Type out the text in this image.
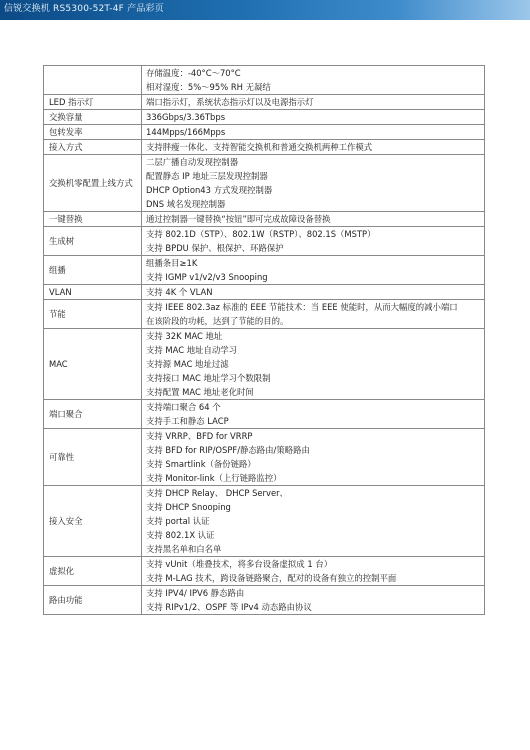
信锐交换机 RS5300-52T-4F 产品彩页

	存储温度：-40°C～70°C
相对湿度：5%～95% RH 无凝结

LED 指示灯	端口指示灯，系统状态指示灯以及电源指示灯

交换容量	336Gbps/3.36Tbps

包转发率	144Mpps/166Mpps

接入方式	支持胖瘦一体化、支持智能交换机和普通交换机两种工作模式

交换机零配置上线方式	二层广播自动发现控制器
配置静态 IP 地址三层发现控制器
DHCP Option43 方式发现控制器
DNS 域名发现控制器

一键替换	通过控制器一键替换“按钮”即可完成故障设备替换

生成树	支持 802.1D（STP）、802.1W（RSTP）、802.1S（MSTP）
支持 BPDU 保护、根保护、环路保护

组播	组播条目≥1K
支持 IGMP v1/v2/v3 Snooping

VLAN	支持 4K 个 VLAN

节能	支持 IEEE 802.3az 标准的 EEE 节能技术：当 EEE 使能时，从而大幅度的减小端口
在该阶段的功耗，达到了节能的目的。

MAC	支持 32K MAC 地址
支持 MAC 地址自动学习
支持源 MAC 地址过滤
支持接口 MAC 地址学习个数限制
支持配置 MAC 地址老化时间

端口聚合	支持端口聚合 64 个
支持手工和静态 LACP

可靠性	支持 VRRP、BFD for VRRP
支持 BFD for RIP/OSPF/静态路由/策略路由
支持 Smartlink（备份链路）
支持 Monitor-link（上行链路监控）

接入安全	支持 DHCP Relay、 DHCP Server、
支持 DHCP Snooping
支持 portal 认证
支持 802.1X 认证
支持黑名单和白名单

虚拟化	支持 vUnit（堆叠技术，将多台设备虚拟成 1 台）
支持 M-LAG 技术，跨设备链路聚合，配对的设备有独立的控制平面

路由功能	支持 IPV4/ IPV6 静态路由
支持 RIPv1/2、OSPF 等 IPv4 动态路由协议
